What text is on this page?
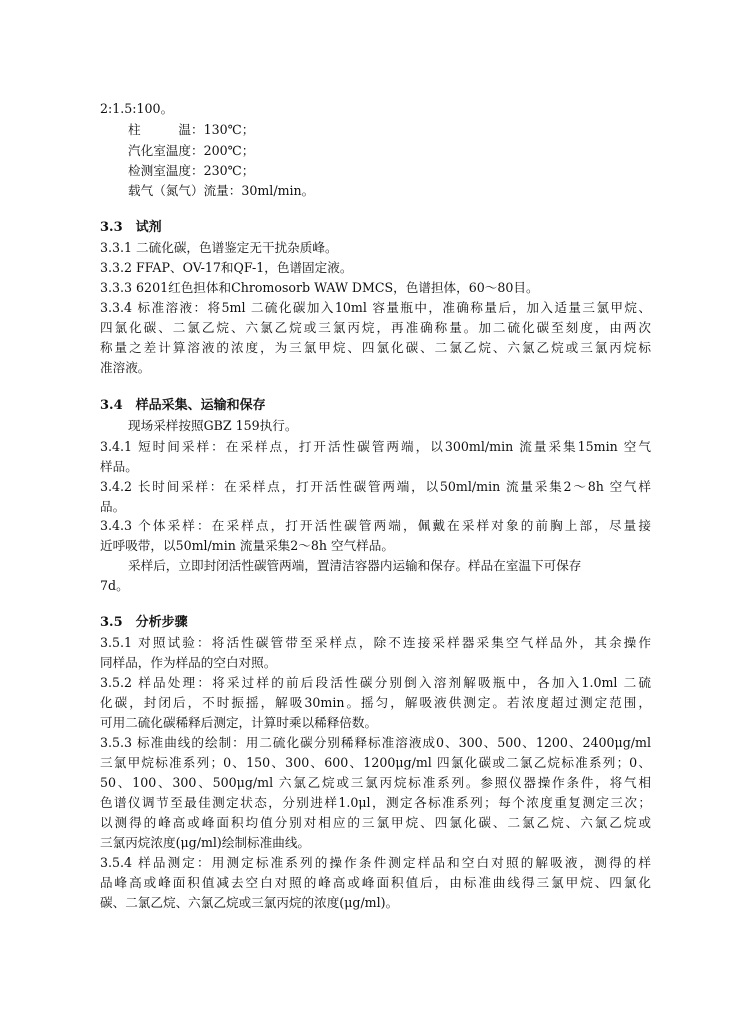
2:1.5:100。

柱　　　温：130℃；

汽化室温度：200℃；

检测室温度：230℃；

载气（氮气）流量：30ml/min。

3.3　试剂

3.3.1 二硫化碳，色谱鉴定无干扰杂质峰。

3.3.2 FFAP、OV-17和QF-1，色谱固定液。

3.3.3 6201红色担体和Chromosorb WAW DMCS，色谱担体，60～80目。

3.3.4 标准溶液：将5ml 二硫化碳加入10ml 容量瓶中，准确称量后，加入适量三氯甲烷、

四氯化碳、二氯乙烷、六氯乙烷或三氯丙烷，再准确称量。加二硫化碳至刻度，由两次

称量之差计算溶液的浓度，为三氯甲烷、四氯化碳、二氯乙烷、六氯乙烷或三氯丙烷标

准溶液。

3.4　样品采集、运输和保存

现场采样按照GBZ 159执行。

3.4.1 短时间采样：在采样点，打开活性碳管两端，以300ml/min 流量采集15min 空气

样品。

3.4.2 长时间采样：在采样点，打开活性碳管两端，以50ml/min 流量采集2～8h 空气样

品。

3.4.3 个体采样：在采样点，打开活性碳管两端，佩戴在采样对象的前胸上部，尽量接

近呼吸带，以50ml/min 流量采集2～8h 空气样品。

采样后，立即封闭活性碳管两端，置清洁容器内运输和保存。样品在室温下可保存

7d。

3.5　分析步骤

3.5.1 对照试验：将活性碳管带至采样点，除不连接采样器采集空气样品外，其余操作

同样品，作为样品的空白对照。

3.5.2 样品处理：将采过样的前后段活性碳分别倒入溶剂解吸瓶中，各加入1.0ml 二硫

化碳，封闭后，不时振摇，解吸30min。摇匀，解吸液供测定。若浓度超过测定范围，

可用二硫化碳稀释后测定，计算时乘以稀释倍数。

3.5.3 标准曲线的绘制：用二硫化碳分别稀释标准溶液成0、300、500、1200、2400μg/ml

三氯甲烷标准系列；0、150、300、600、1200μg/ml 四氯化碳或二氯乙烷标准系列；0、

50、100、300、500μg/ml 六氯乙烷或三氯丙烷标准系列。参照仪器操作条件，将气相

色谱仪调节至最佳测定状态，分别进样1.0μl，测定各标准系列；每个浓度重复测定三次；

以测得的峰高或峰面积均值分别对相应的三氯甲烷、四氯化碳、二氯乙烷、六氯乙烷或

三氯丙烷浓度(μg/ml)绘制标准曲线。

3.5.4 样品测定：用测定标准系列的操作条件测定样品和空白对照的解吸液，测得的样

品峰高或峰面积值减去空白对照的峰高或峰面积值后，由标准曲线得三氯甲烷、四氯化

碳、二氯乙烷、六氯乙烷或三氯丙烷的浓度(μg/ml)。
